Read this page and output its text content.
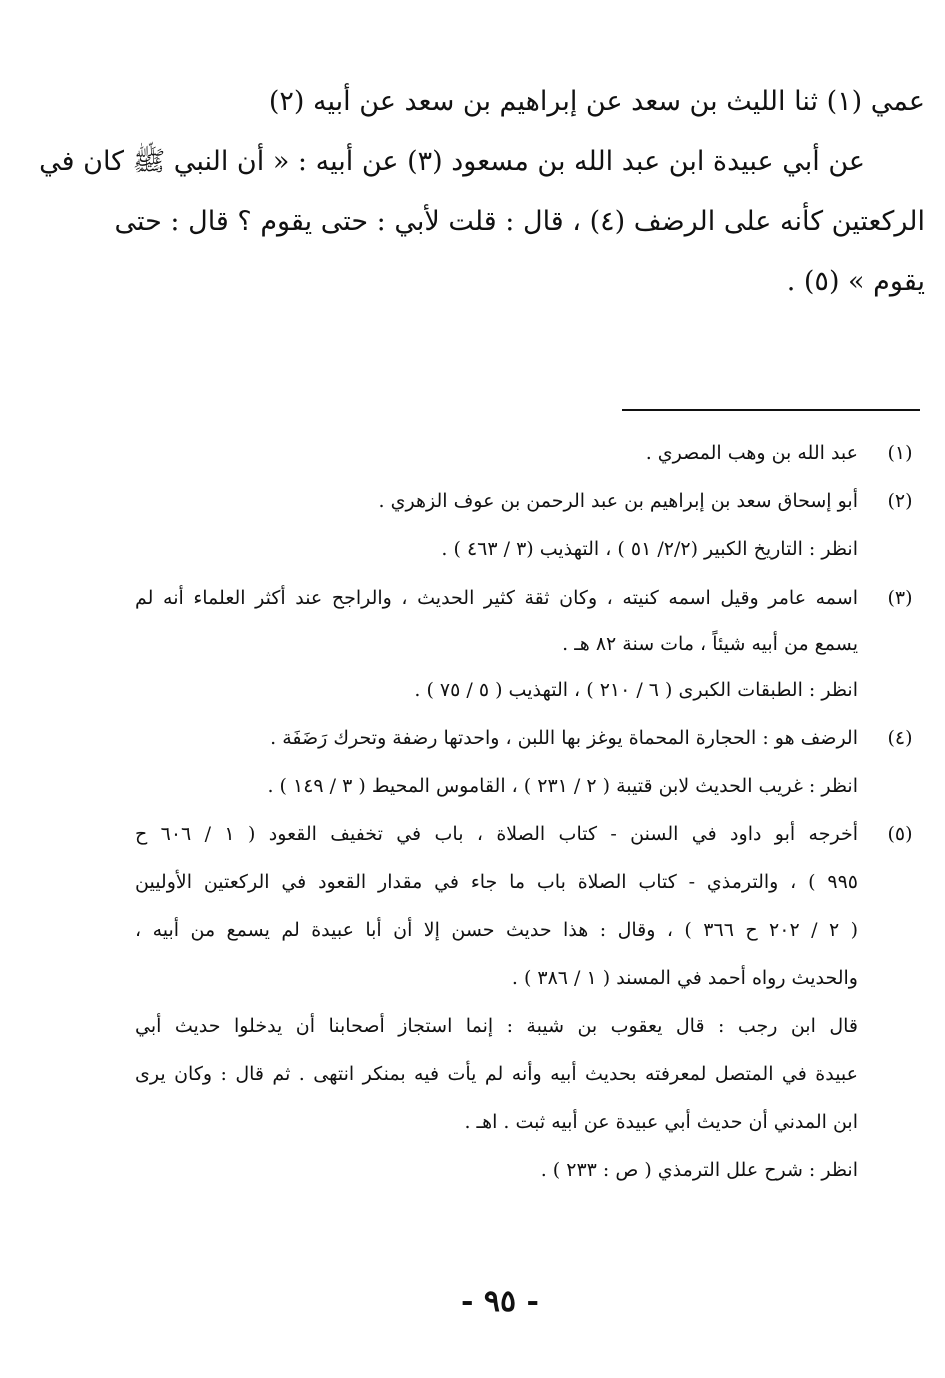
عمي (١) ثنا الليث بن سعد عن إبراهيم بن سعد عن أبيه (٢)
عن أبي عبيدة ابن عبد الله بن مسعود (٣) عن أبيه : « أن النبي ﷺ كان في
الركعتين كأنه على الرضف (٤) ، قال : قلت لأبي : حتى يقوم ؟ قال : حتى
يقوم » (٥) .
(١)
عبد الله بن وهب المصري .
(٢)
أبو إسحاق سعد بن إبراهيم بن عبد الرحمن بن عوف الزهري .
انظر : التاريخ الكبير (٢/٢/ ٥١ ) ، التهذيب (٣ / ٤٦٣ ) .
(٣)
اسمه عامر وقيل اسمه كنيته ، وكان ثقة كثير الحديث ، والراجح عند أكثر العلماء أنه لم
يسمع من أبيه شيئاً ، مات سنة ٨٢ هـ .
انظر : الطبقات الكبرى ( ٦ / ٢١٠ ) ، التهذيب ( ٥ / ٧٥ ) .
(٤)
الرضف هو : الحجارة المحماة يوغز بها اللبن ، واحدتها رضفة وتحرك رَضَفَة .
انظر : غريب الحديث لابن قتيبة ( ٢ / ٢٣١ ) ، القاموس المحيط ( ٣ / ١٤٩ ) .
(٥)
أخرجه أبو داود في السنن - كتاب الصلاة ، باب في تخفيف القعود ( ١ / ٦٠٦ ح
٩٩٥ ) ، والترمذي - كتاب الصلاة باب ما جاء في مقدار القعود في الركعتين الأوليين
( ٢ / ٢٠٢ ح ٣٦٦ ) ، وقال : هذا حديث حسن إلا أن أبا عبيدة لم يسمع من أبيه ،
والحديث رواه أحمد في المسند ( ١ / ٣٨٦ ) .
قال ابن رجب : قال يعقوب بن شيبة : إنما استجاز أصحابنا أن يدخلوا حديث أبي
عبيدة في المتصل لمعرفته بحديث أبيه وأنه لم يأت فيه بمنكر انتهى . ثم قال : وكان يرى
ابن المدني أن حديث أبي عبيدة عن أبيه ثبت . اهـ .
انظر : شرح علل الترمذي ( ص : ٢٣٣ ) .
- ٩٥ -
